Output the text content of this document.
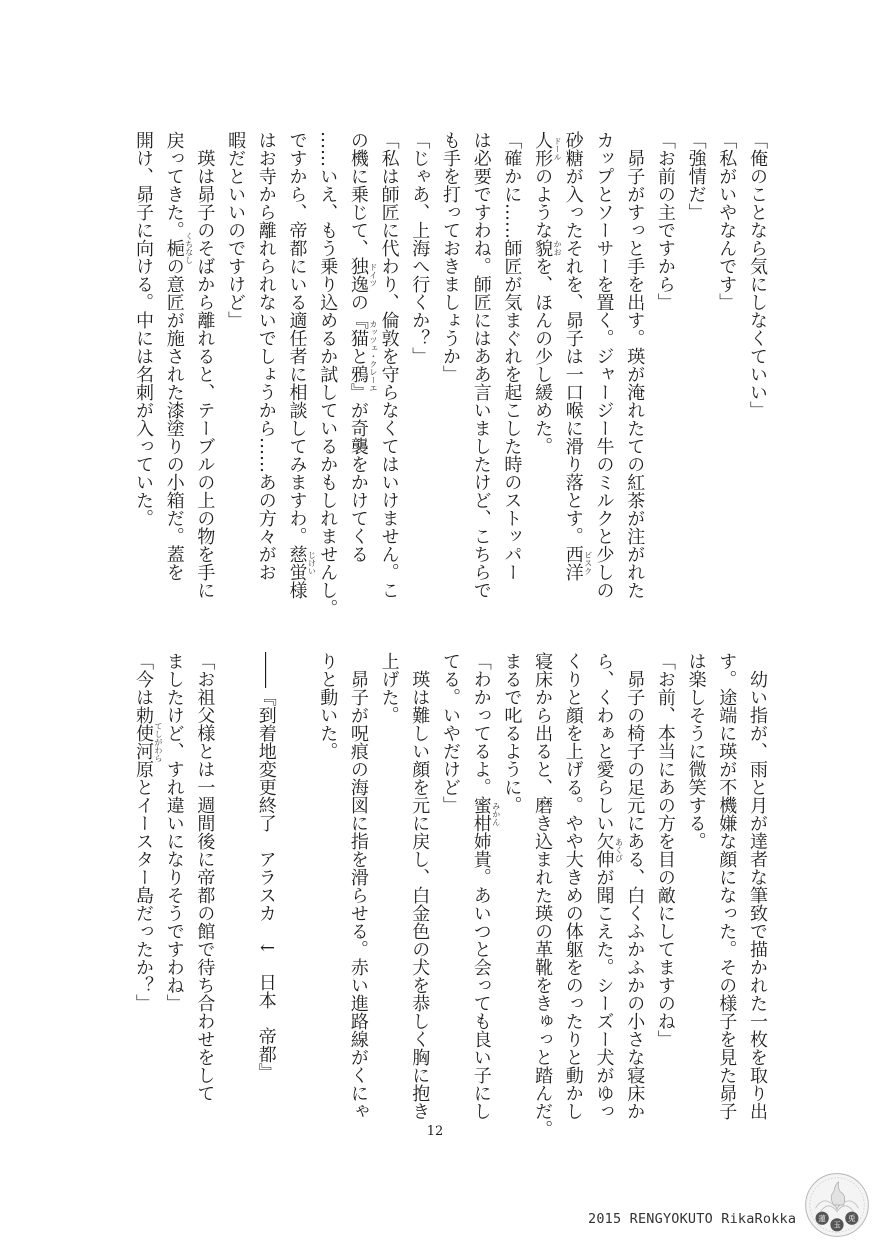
「俺のことなら気にしなくていい」
「私がいやなんです」
「強情だ」
「お前の主ですから」
　昴子がすっと手を出す。瑛が淹れたての紅茶が注がれた
カップとソーサーを置く。ジャージー牛のミルクと少しの
砂糖が入ったそれを、昴子は一口喉に滑り落とす。西洋 ビスク
人形 ドール
のような貌 かお
を、ほんの少し緩めた。
「確かに……師匠が気まぐれを起こした時のストッパー
は必要ですわね。師匠にはああ言いましたけど、こちらで
も手を打っておきましょうか」
「じゃあ、上海へ行くか？」
「私は師匠に代わり、倫敦を守らなくてはいけません。こ
の機に乗じて、独逸 ドイツ
の『猫と鴉 カッツェ・クレーエ
』が奇襲をかけてくる
……いえ、もう乗り込めるか試しているかもしれませんし。
ですから、帝都にいる適任者に相談してみますわ。慈蛍 じけい
様
はお寺から離れられないでしょうから……あの方々がお
暇だといいのですけど」
　瑛は昴子のそばから離れると、テーブルの上の物を手に
戻ってきた。梔 くちなし
の意匠が施された漆塗りの小箱だ。蓋を
開け、昴子に向ける。中には名刺が入っていた。
　幼い指が、雨と月が達者な筆致で描かれた一枚を取り出
す。途端に瑛が不機嫌な顔になった。その様子を見た昴子
は楽しそうに微笑する。
「お前、本当にあの方を目の敵にしてますのね」
　昴子の椅子の足元にある、白くふかふかの小さな寝床か
ら、くわぁと愛らしい欠伸 あくび
が聞こえた。シーズー犬がゆっ
くりと顔を上げる。やや大きめの体躯をのったりと動かし
寝床から出ると、磨き込まれた瑛の革靴をきゅっと踏んだ。
まるで叱るように。
「わかってるよ。蜜柑 みかん
姉貴。あいつと会っても良い子にし
てる。いやだけど」
　瑛は難しい顔を元に戻し、白金色の犬を恭しく胸に抱き
上げた。
　昴子が呪痕の海図に指を滑らせる。赤い進路線がくにゃ
りと動いた。
――『到着地変更終了　アラスカ　↓　日本　帝都』
「お祖父様とは一週間後に帝都の館で待ち合わせをして
ましたけど、すれ違いになりそうですわね」
「今は勅使河原 てしがわら
とイースター島だったか？」
12
2015 RENGYOKUTO RikaRokka 蓮
玉
兎
